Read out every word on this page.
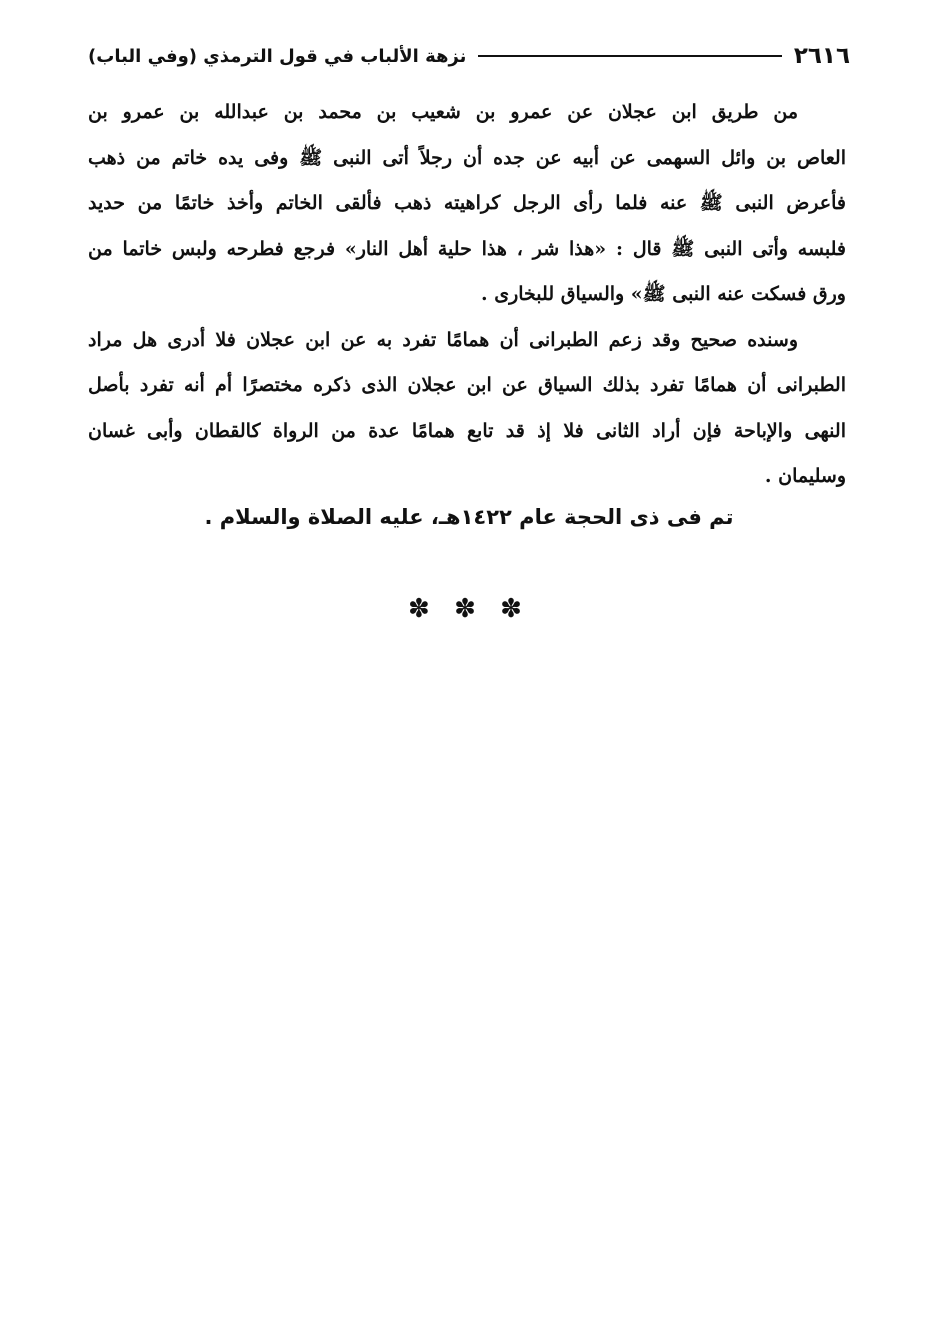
٢٦١٦
نزهة الألباب في قول الترمذي (وفي الباب)
من طريق ابن عجلان عن عمرو بن شعيب بن محمد بن عبدالله بن عمرو بن
العاص بن وائل السهمى عن أبيه عن جده أن رجلاً أتى النبى ﷺ وفى يده خاتم من ذهب
فأعرض النبى ﷺ عنه فلما رأى الرجل كراهيته ذهب فألقى الخاتم وأخذ خاتمًا من حديد
فلبسه وأتى النبى ﷺ قال : «هذا شر ، هذا حلية أهل النار» فرجع فطرحه ولبس خاتما من
ورق فسكت عنه النبى ﷺ» والسياق للبخارى .
وسنده صحيح وقد زعم الطبرانى أن همامًا تفرد به عن ابن عجلان فلا أدرى هل مراد
الطبرانى أن همامًا تفرد بذلك السياق عن ابن عجلان الذى ذكره مختصرًا أم أنه تفرد بأصل
النهى والإباحة فإن أراد الثانى فلا إذ قد تابع همامًا عدة من الرواة كالقطان وأبى غسان
وسليمان .
تم فى ذى الحجة عام ١٤٢٢هـ، عليه الصلاة والسلام .
✽ ✽ ✽
